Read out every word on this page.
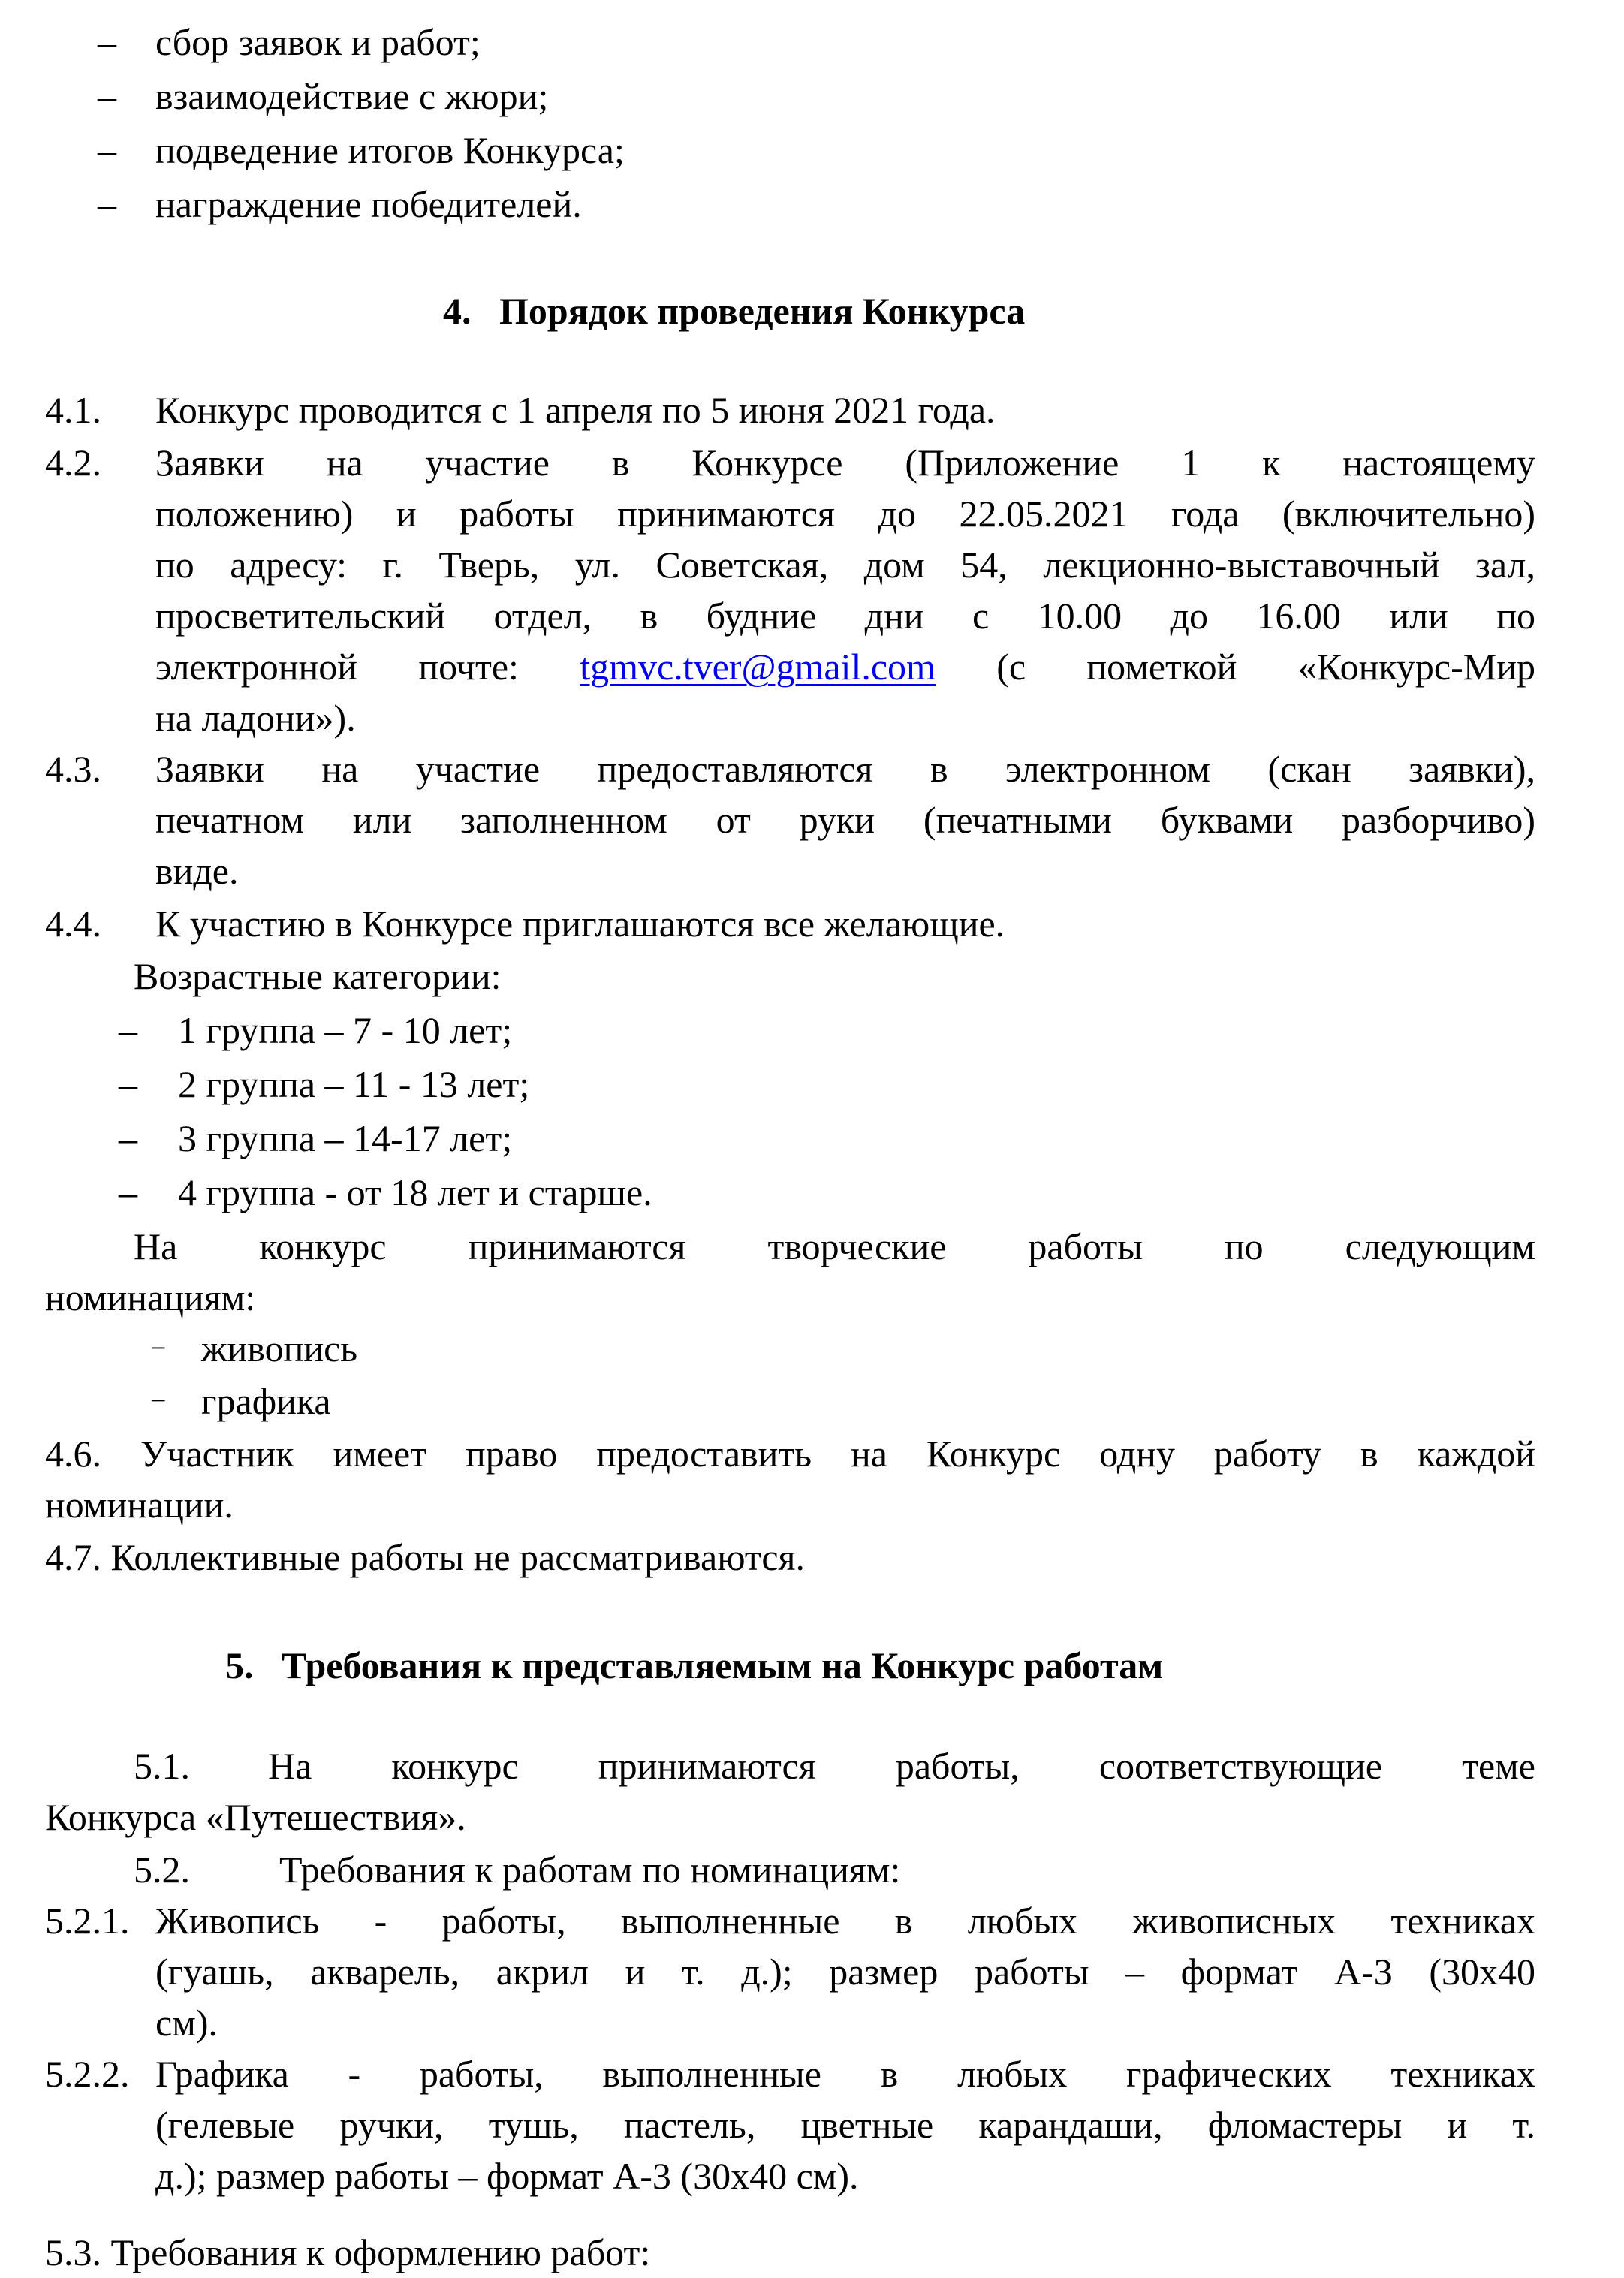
– сбор заявок и работ;
– взаимодействие с жюри;
– подведение итогов Конкурса;
– награждение победителей.
4. Порядок проведения Конкурса
4.1. Конкурс проводится с 1 апреля по 5 июня 2021 года.
4.2. Заявки на участие в Конкурсе (Приложение 1 к настоящему
положению) и работы принимаются до 22.05.2021 года (включительно)
по адресу: г. Тверь, ул. Советская, дом 54, лекционно-выставочный зал,
просветительский отдел, в будние дни с 10.00 до 16.00 или по
электронной почте: tgmvc.tver@gmail.com (с пометкой «Конкурс-Мир
на ладони»).
4.3. Заявки на участие предоставляются в электронном (скан заявки),
печатном или заполненном от руки (печатными буквами разборчиво)
виде.
4.4. К участию в Конкурсе приглашаются все желающие.
Возрастные категории:
– 1 группа – 7 - 10 лет;
– 2 группа – 11 - 13 лет;
– 3 группа – 14-17 лет;
– 4 группа - от 18 лет и старше.
На конкурс принимаются творческие работы по следующим
номинациям:
− живопись
− графика
4.6. Участник имеет право предоставить на Конкурс одну работу в каждой
номинации.
4.7. Коллективные работы не рассматриваются.
5. Требования к представляемым на Конкурс работам
5.1. На конкурс принимаются работы, соответствующие теме
Конкурса «Путешествия».
5.2. Требования к работам по номинациям:
5.2.1. Живопись - работы, выполненные в любых живописных техниках
(гуашь, акварель, акрил и т. д.); размер работы – формат А-3 (30х40
см).
5.2.2. Графика - работы, выполненные в любых графических техниках
(гелевые ручки, тушь, пастель, цветные карандаши, фломастеры и т.
д.); размер работы – формат А-3 (30х40 см).
5.3. Требования к оформлению работ:
